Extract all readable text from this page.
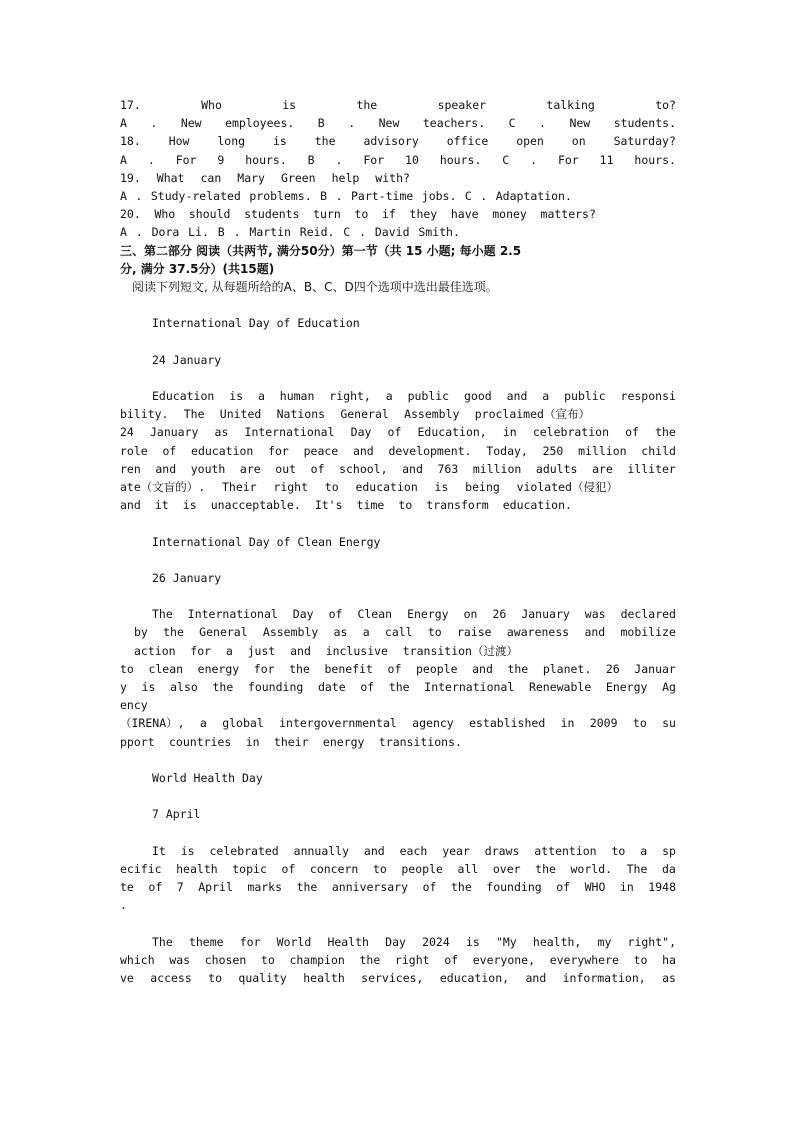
17.	Who	is	the	speaker	talking	to?
A . New employees. B . New teachers. C . New students.
18. How long is the advisory office open on Saturday?
A . For 9 hours. B . For 10 hours. C . For 11 hours.
19. What can Mary Green help with?
A . Study-related problems. B . Part-time jobs. C . Adaptation.
20. Who should students turn to if they have money matters?
A . Dora Li. B . Martin Reid. C . David Smith.
三、第二部分 阅读（共两节, 满分50分）第一节（共 15 小题; 每小题 2.5
分, 满分 37.5分）(共15题)
阅读下列短文, 从每题所给的A、B、C、D四个选项中选出最佳选项。
International Day of Education
24 January
Education is a human right, a public good and a public responsi
bility. The United Nations General Assembly proclaimed（宣布）
24 January as International Day of Education, in celebration of the
role of education for peace and development. Today, 250 million child
ren and youth are out of school, and 763 million adults are illiter
ate（文盲的）. Their right to education is being violated（侵犯）
and it is unacceptable. It's time to transform education.
International Day of Clean Energy
26 January
The International Day of Clean Energy on 26 January was declared
by the General Assembly as a call to raise awareness and mobilize
action for a just and inclusive transition（过渡）
to clean energy for the benefit of people and the planet. 26 Januar
y is also the founding date of the International Renewable Energy Ag
ency
（IRENA）, a global intergovernmental agency established in 2009 to su
pport countries in their energy transitions.
World Health Day
7 April
It is celebrated annually and each year draws attention to a sp
ecific health topic of concern to people all over the world. The da
te of 7 April marks the anniversary of the founding of WHO in 1948
.
The theme for World Health Day 2024 is "My health, my right",
which was chosen to champion the right of everyone, everywhere to ha
ve access to quality health services, education, and information, as
